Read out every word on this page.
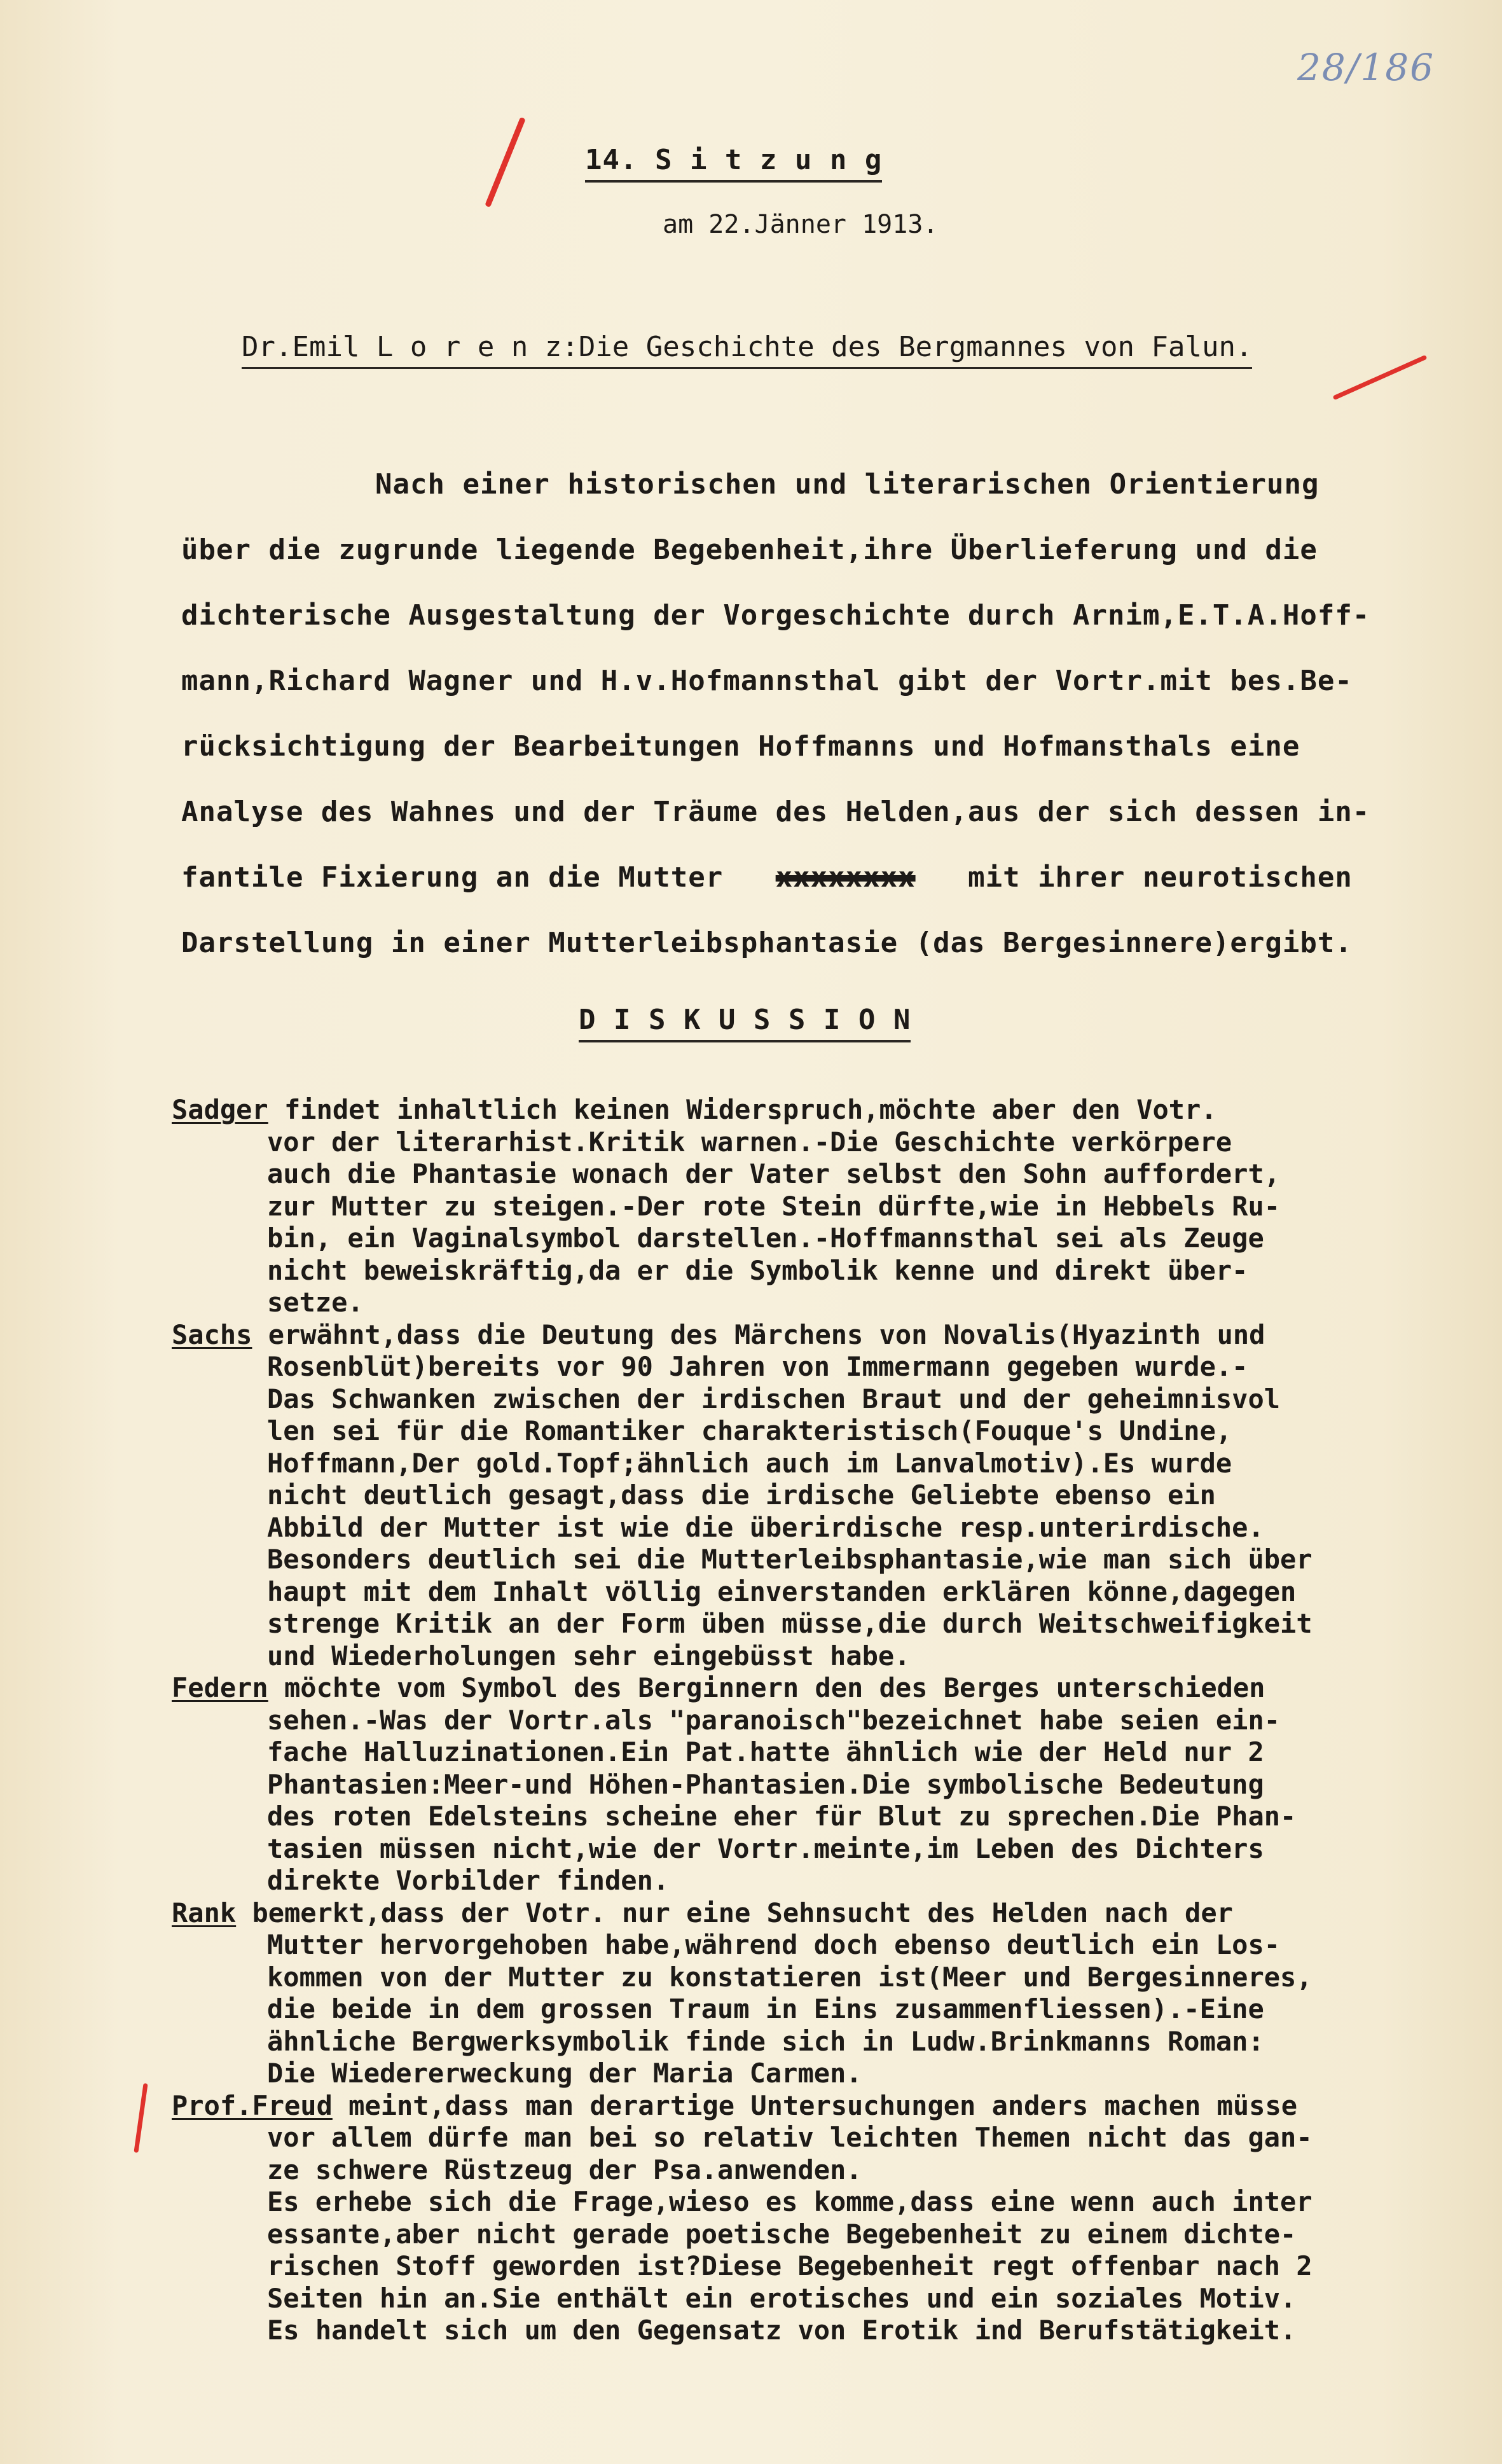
28/186
14. S i t z u n g
am 22.Jänner 1913.
Dr.Emil L o r e n z:Die Geschichte des Bergmannes von Falun.
Nach einer historischen und literarischen Orientierung
über die zugrunde liegende Begebenheit,ihre Überlieferung und die
dichterische Ausgestaltung der Vorgeschichte durch Arnim,E.T.A.Hoff-
mann,Richard Wagner und H.v.Hofmannsthal gibt der Vortr.mit bes.Be-
rücksichtigung der Bearbeitungen Hoffmanns und Hofmansthals eine
Analyse des Wahnes und der Träume des Helden,aus der sich dessen in-
fantile Fixierung an die Mutter xxxxxxxx mit ihrer neurotischen
Darstellung in einer Mutterleibsphantasie (das Bergesinnere)ergibt.
D I S K U S S I O N
Sadger findet inhaltlich keinen Widerspruch,möchte aber den Votr.
vor der literarhist.Kritik warnen.-Die Geschichte verkörpere
auch die Phantasie wonach der Vater selbst den Sohn auffordert,
zur Mutter zu steigen.-Der rote Stein dürfte,wie in Hebbels Ru-
bin, ein Vaginalsymbol darstellen.-Hoffmannsthal sei als Zeuge
nicht beweiskräftig,da er die Symbolik kenne und direkt über-
setze.
Sachs erwähnt,dass die Deutung des Märchens von Novalis(Hyazinth und
Rosenblüt)bereits vor 90 Jahren von Immermann gegeben wurde.-
Das Schwanken zwischen der irdischen Braut und der geheimnisvol
len sei für die Romantiker charakteristisch(Fouque's Undine,
Hoffmann,Der gold.Topf;ähnlich auch im Lanvalmotiv).Es wurde
nicht deutlich gesagt,dass die irdische Geliebte ebenso ein
Abbild der Mutter ist wie die überirdische resp.unterirdische.
Besonders deutlich sei die Mutterleibsphantasie,wie man sich über
haupt mit dem Inhalt völlig einverstanden erklären könne,dagegen
strenge Kritik an der Form üben müsse,die durch Weitschweifigkeit
und Wiederholungen sehr eingebüsst habe.
Federn möchte vom Symbol des Berginnern den des Berges unterschieden
sehen.-Was der Vortr.als "paranoisch"bezeichnet habe seien ein-
fache Halluzinationen.Ein Pat.hatte ähnlich wie der Held nur 2
Phantasien:Meer-und Höhen-Phantasien.Die symbolische Bedeutung
des roten Edelsteins scheine eher für Blut zu sprechen.Die Phan-
tasien müssen nicht,wie der Vortr.meinte,im Leben des Dichters
direkte Vorbilder finden.
Rank bemerkt,dass der Votr. nur eine Sehnsucht des Helden nach der
Mutter hervorgehoben habe,während doch ebenso deutlich ein Los-
kommen von der Mutter zu konstatieren ist(Meer und Bergesinneres,
die beide in dem grossen Traum in Eins zusammenfliessen).-Eine
ähnliche Bergwerksymbolik finde sich in Ludw.Brinkmanns Roman:
Die Wiedererweckung der Maria Carmen.
Prof.Freud meint,dass man derartige Untersuchungen anders machen müsse
vor allem dürfe man bei so relativ leichten Themen nicht das gan-
ze schwere Rüstzeug der Psa.anwenden.
Es erhebe sich die Frage,wieso es komme,dass eine wenn auch inter
essante,aber nicht gerade poetische Begebenheit zu einem dichte-
rischen Stoff geworden ist?Diese Begebenheit regt offenbar nach 2
Seiten hin an.Sie enthält ein erotisches und ein soziales Motiv.
Es handelt sich um den Gegensatz von Erotik ind Berufstätigkeit.
